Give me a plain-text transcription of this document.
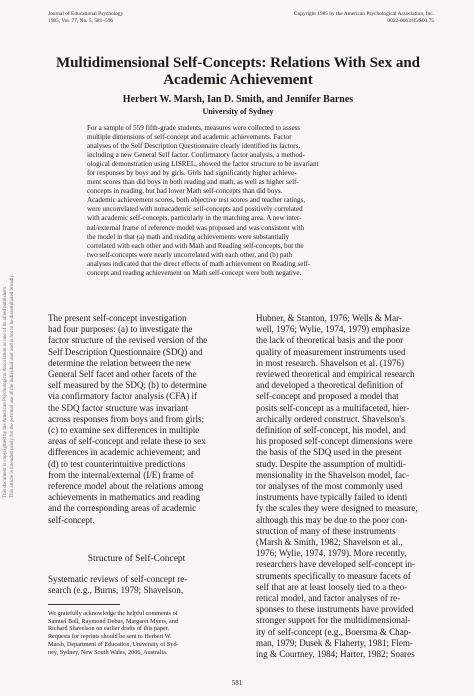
This document is copyrighted by the American Psychological Association or one of its allied publishers.
This article is intended solely for the personal use of the individual user and is not to be disseminated broadly.
Journal of Educational Psychology
1985, Vol. 77, No. 5, 581–596
Copyright 1985 by the American Psychological Association, Inc.
0022-0663/85/$00.75
Multidimensional Self-Concepts: Relations With Sex and Academic Achievement
Herbert W. Marsh, Ian D. Smith, and Jennifer Barnes
University of Sydney
For a sample of 559 fifth-grade students, measures were collected to assess
multiple dimensions of self-concept and academic achievements. Factor
analyses of the Self Description Questionnaire clearly identified its factors,
including a new General Self factor. Confirmatory factor analysis, a method-
ological demonstration using LISREL, showed the factor structure to be invariant
for responses by boys and by girls. Girls had significantly higher achieve-
ment scores than did boys in both reading and math, as well as higher self-
concepts in reading, but had lower Math self-concepts than did boys.
Academic achievement scores, both objective test scores and teacher ratings,
were uncorrelated with nonacademic self-concepts and positively correlated
with academic self-concepts, particularly in the matching area. A new inter-
nal/external frame of reference model was proposed and was consistent with
the model in that (a) math and reading achievements were substantially
correlated with each other and with Math and Reading self-concepts, but the
two self-concepts were nearly uncorrelated with each other, and (b) path
analyses indicated that the direct effects of math achievement on Reading self-
concept and reading achievement on Math self-concept were both negative.
The present self-concept investigation
had four purposes: (a) to investigate the
factor structure of the revised version of the
Self Description Questionnaire (SDQ) and
determine the relation between the new
General Self facet and other facets of the
self measured by the SDQ; (b) to determine
via confirmatory factor analysis (CFA) if
the SDQ factor structure was invariant
across responses from boys and from girls;
(c) to examine sex differences in multiple
areas of self-concept and relate these to sex
differences in academic achievement; and
(d) to test counterintuitive predictions
from the internal/external (I/E) frame of
reference model about the relations among
achievements in mathematics and reading
and the corresponding areas of academic
self-concept.
Structure of Self-Concept
Systematic reviews of self-concept re-
search (e.g., Burns, 1979; Shavelson,
We gratefully acknowledge the helpful comments of
Samuel Ball, Raymond Debus, Margaret Myers, and
Richard Shavelson on earlier drafts of this paper.
Requests for reprints should be sent to Herbert W.
Marsh, Department of Education, University of Syd-
ney, Sydney, New South Wales, 2006, Australia.
Hubner, & Stanton, 1976; Wells & Mar-
well, 1976; Wylie, 1974, 1979) emphasize
the lack of theoretical basis and the poor
quality of measurement instruments used
in most research. Shavelson et al. (1976)
reviewed theoretical and empirical research
and developed a theoretical definition of
self-concept and proposed a model that
posits self-concept as a multifaceted, hier-
archically ordered construct. Shavelson's
definition of self-concept, his model, and
his proposed self-concept dimensions were
the basis of the SDQ used in the present
study. Despite the assumption of multidi-
mensionality in the Shavelson model, fac-
tor analyses of the most commonly used
instruments have typically failed to identi
fy the scales they were designed to measure,
although this may be due to the poor con-
struction of many of these instruments
(Marsh & Smith, 1982; Shavelson et al.,
1976; Wylie, 1974, 1979). More recently,
researchers have developed self-concept in-
struments specifically to measure facets of
self that are at least loosely tied to a theo-
retical model, and factor analyses of re-
sponses to these instruments have provided
stronger support for the multidimensional-
ity of self-concept (e.g., Boersma & Chap-
man, 1979; Dusek & Flaherty, 1981; Flem-
ing & Courtney, 1984; Harter, 1982; Soares
581
